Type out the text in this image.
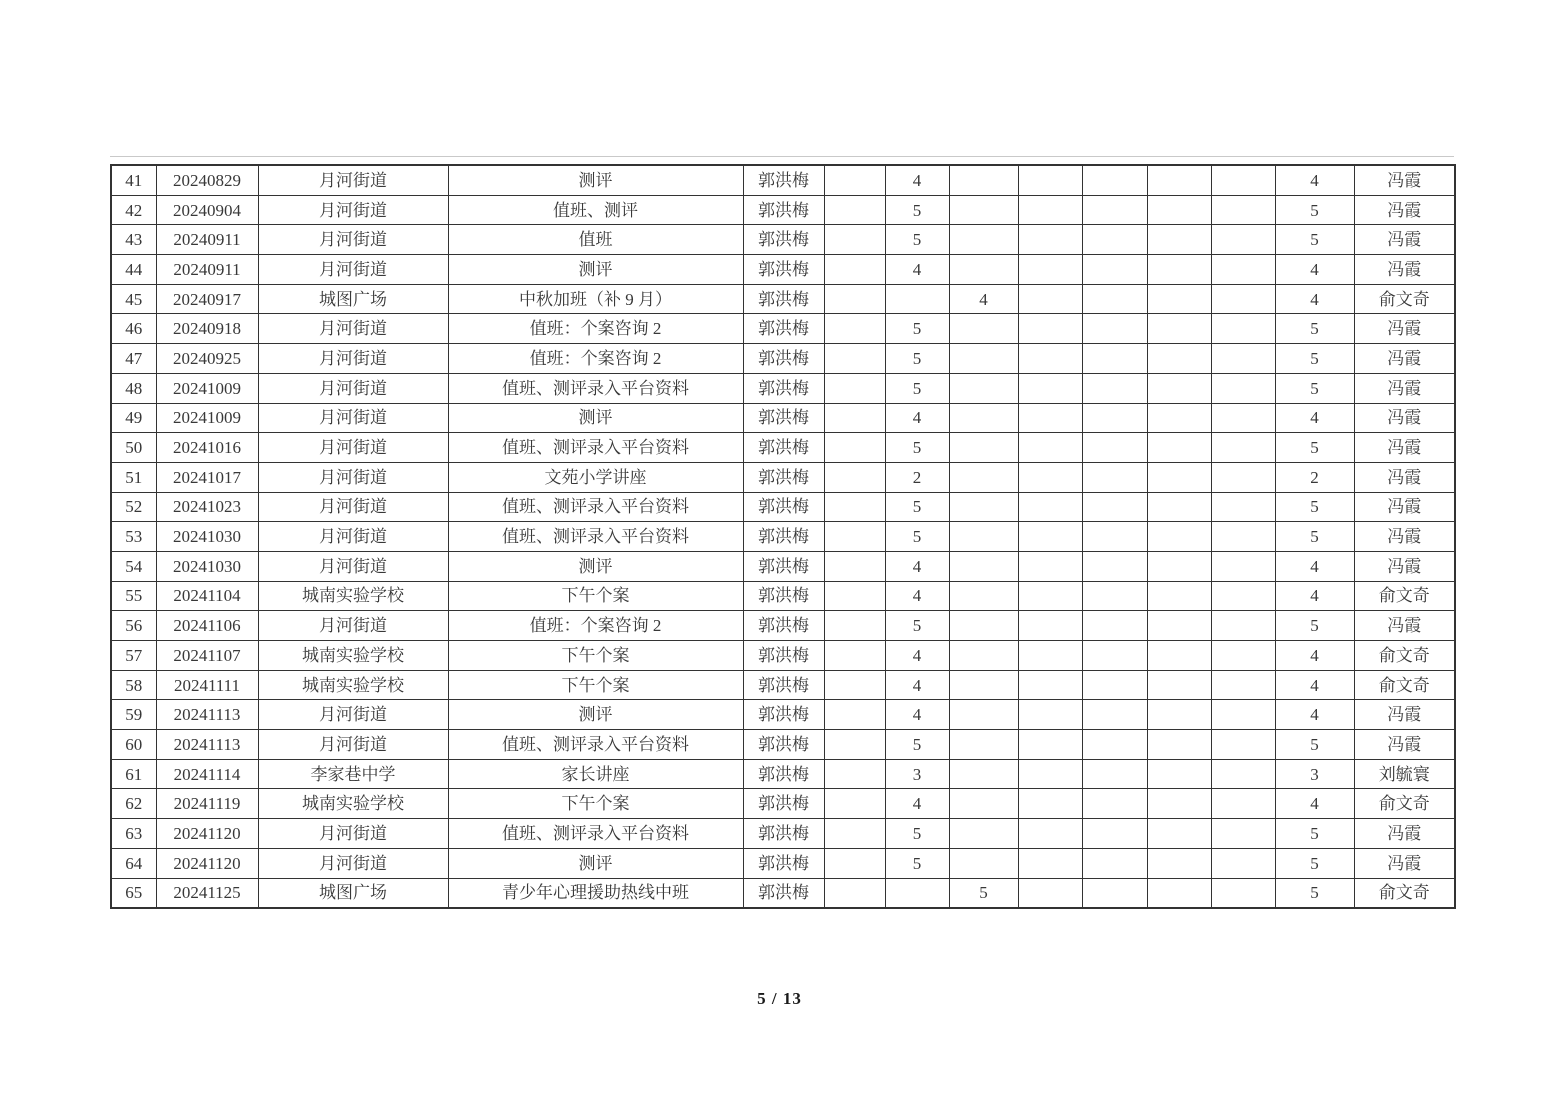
41	20240829	月河街道	测评	郭洪梅		4						4	冯霞
42	20240904	月河街道	值班、测评	郭洪梅		5						5	冯霞
43	20240911	月河街道	值班	郭洪梅		5						5	冯霞
44	20240911	月河街道	测评	郭洪梅		4						4	冯霞
45	20240917	城图广场	中秋加班（补 9 月）	郭洪梅			4					4	俞文奇
46	20240918	月河街道	值班：个案咨询 2	郭洪梅		5						5	冯霞
47	20240925	月河街道	值班：个案咨询 2	郭洪梅		5						5	冯霞
48	20241009	月河街道	值班、测评录入平台资料	郭洪梅		5						5	冯霞
49	20241009	月河街道	测评	郭洪梅		4						4	冯霞
50	20241016	月河街道	值班、测评录入平台资料	郭洪梅		5						5	冯霞
51	20241017	月河街道	文苑小学讲座	郭洪梅		2						2	冯霞
52	20241023	月河街道	值班、测评录入平台资料	郭洪梅		5						5	冯霞
53	20241030	月河街道	值班、测评录入平台资料	郭洪梅		5						5	冯霞
54	20241030	月河街道	测评	郭洪梅		4						4	冯霞
55	20241104	城南实验学校	下午个案	郭洪梅		4						4	俞文奇
56	20241106	月河街道	值班：个案咨询 2	郭洪梅		5						5	冯霞
57	20241107	城南实验学校	下午个案	郭洪梅		4						4	俞文奇
58	20241111	城南实验学校	下午个案	郭洪梅		4						4	俞文奇
59	20241113	月河街道	测评	郭洪梅		4						4	冯霞
60	20241113	月河街道	值班、测评录入平台资料	郭洪梅		5						5	冯霞
61	20241114	李家巷中学	家长讲座	郭洪梅		3						3	刘毓寰
62	20241119	城南实验学校	下午个案	郭洪梅		4						4	俞文奇
63	20241120	月河街道	值班、测评录入平台资料	郭洪梅		5						5	冯霞
64	20241120	月河街道	测评	郭洪梅		5						5	冯霞
65	20241125	城图广场	青少年心理援助热线中班	郭洪梅			5					5	俞文奇
5 / 13
